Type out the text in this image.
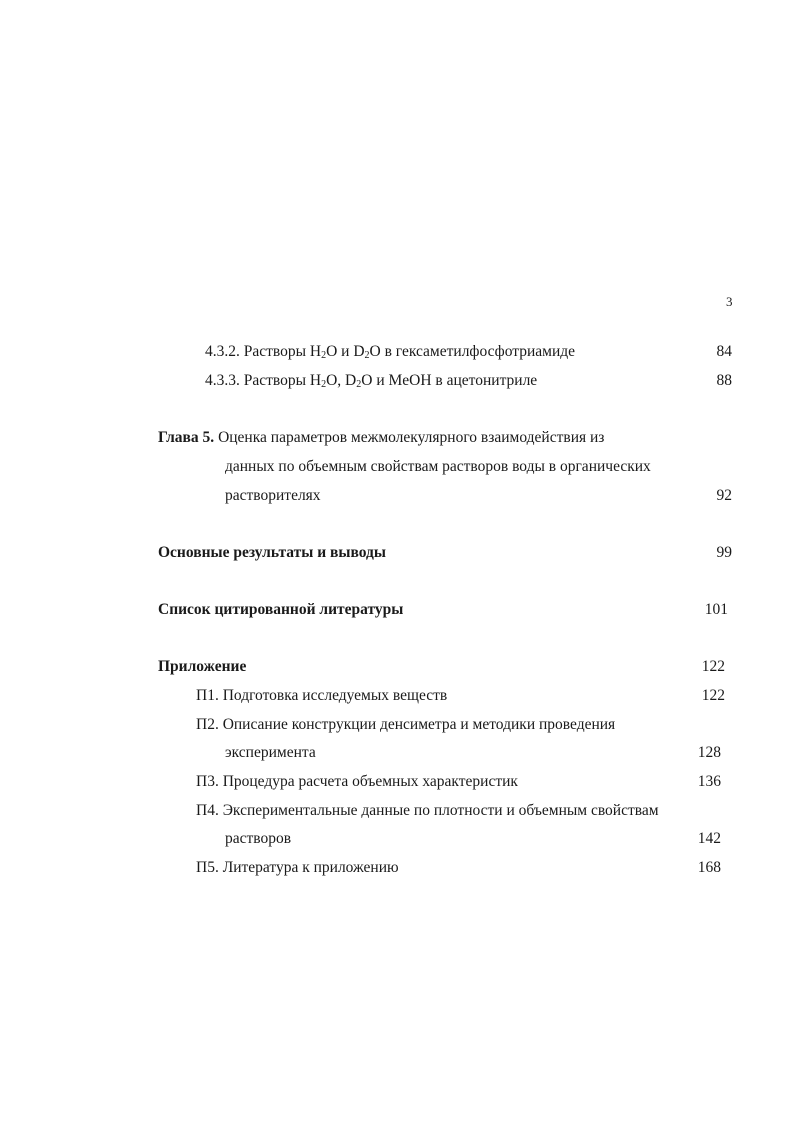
3
4.3.2. Растворы $H_2O$ и $D_2O$ в гексаметилфосфотриамиде	84
4.3.3. Растворы $H_2O$, $D_2O$ и MeOH в ацетонитриле	88
Глава 5. Оценка параметров межмолекулярного взаимодействия из
данных по объемным свойствам растворов воды в органических
растворителях	92
Основные результаты и выводы	99
Список цитированной литературы	101
Приложение	122
П1. Подготовка исследуемых веществ	122
П2. Описание конструкции денсиметра и методики проведения
эксперимента	128
П3. Процедура расчета объемных характеристик	136
П4. Экспериментальные данные по плотности и объемным свойствам
растворов	142
П5. Литература к приложению	168
